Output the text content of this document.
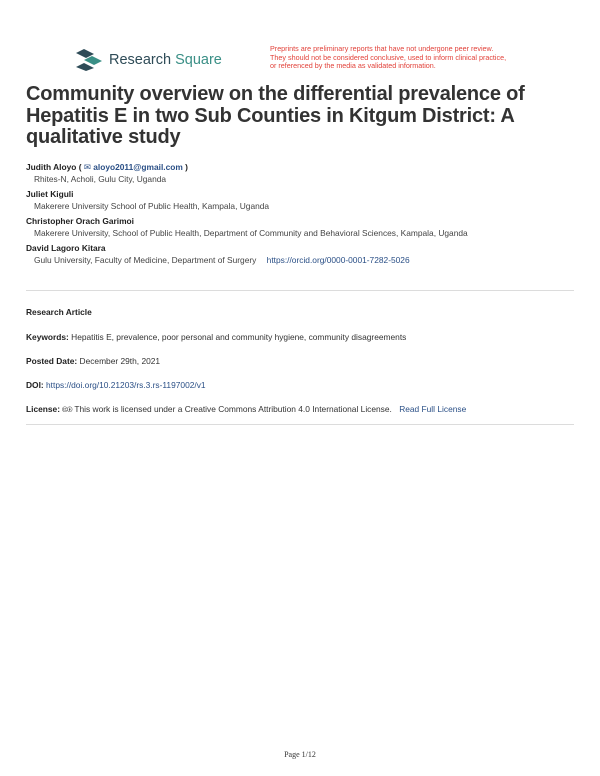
Research Square
Preprints are preliminary reports that have not undergone peer review.
They should not be considered conclusive, used to inform clinical practice,
or referenced by the media as validated information.
Community overview on the differential prevalence of Hepatitis E in two Sub Counties in Kitgum District: A qualitative study
Judith Aloyo ( ✉ aloyo2011@gmail.com )
Rhites-N, Acholi, Gulu City, Uganda
Juliet Kiguli
Makerere University School of Public Health, Kampala, Uganda
Christopher Orach Garimoi
Makerere University, School of Public Health, Department of Community and Behavioral Sciences, Kampala, Uganda
David Lagoro Kitara
Gulu University, Faculty of Medicine, Department of Surgery https://orcid.org/0000-0001-7282-5026
Research Article
Keywords: Hepatitis E, prevalence, poor personal and community hygiene, community disagreements
Posted Date: December 29th, 2021
DOI: https://doi.org/10.21203/rs.3.rs-1197002/v1
License: 🅭🅯 This work is licensed under a Creative Commons Attribution 4.0 International License. Read Full License
Page 1/12
